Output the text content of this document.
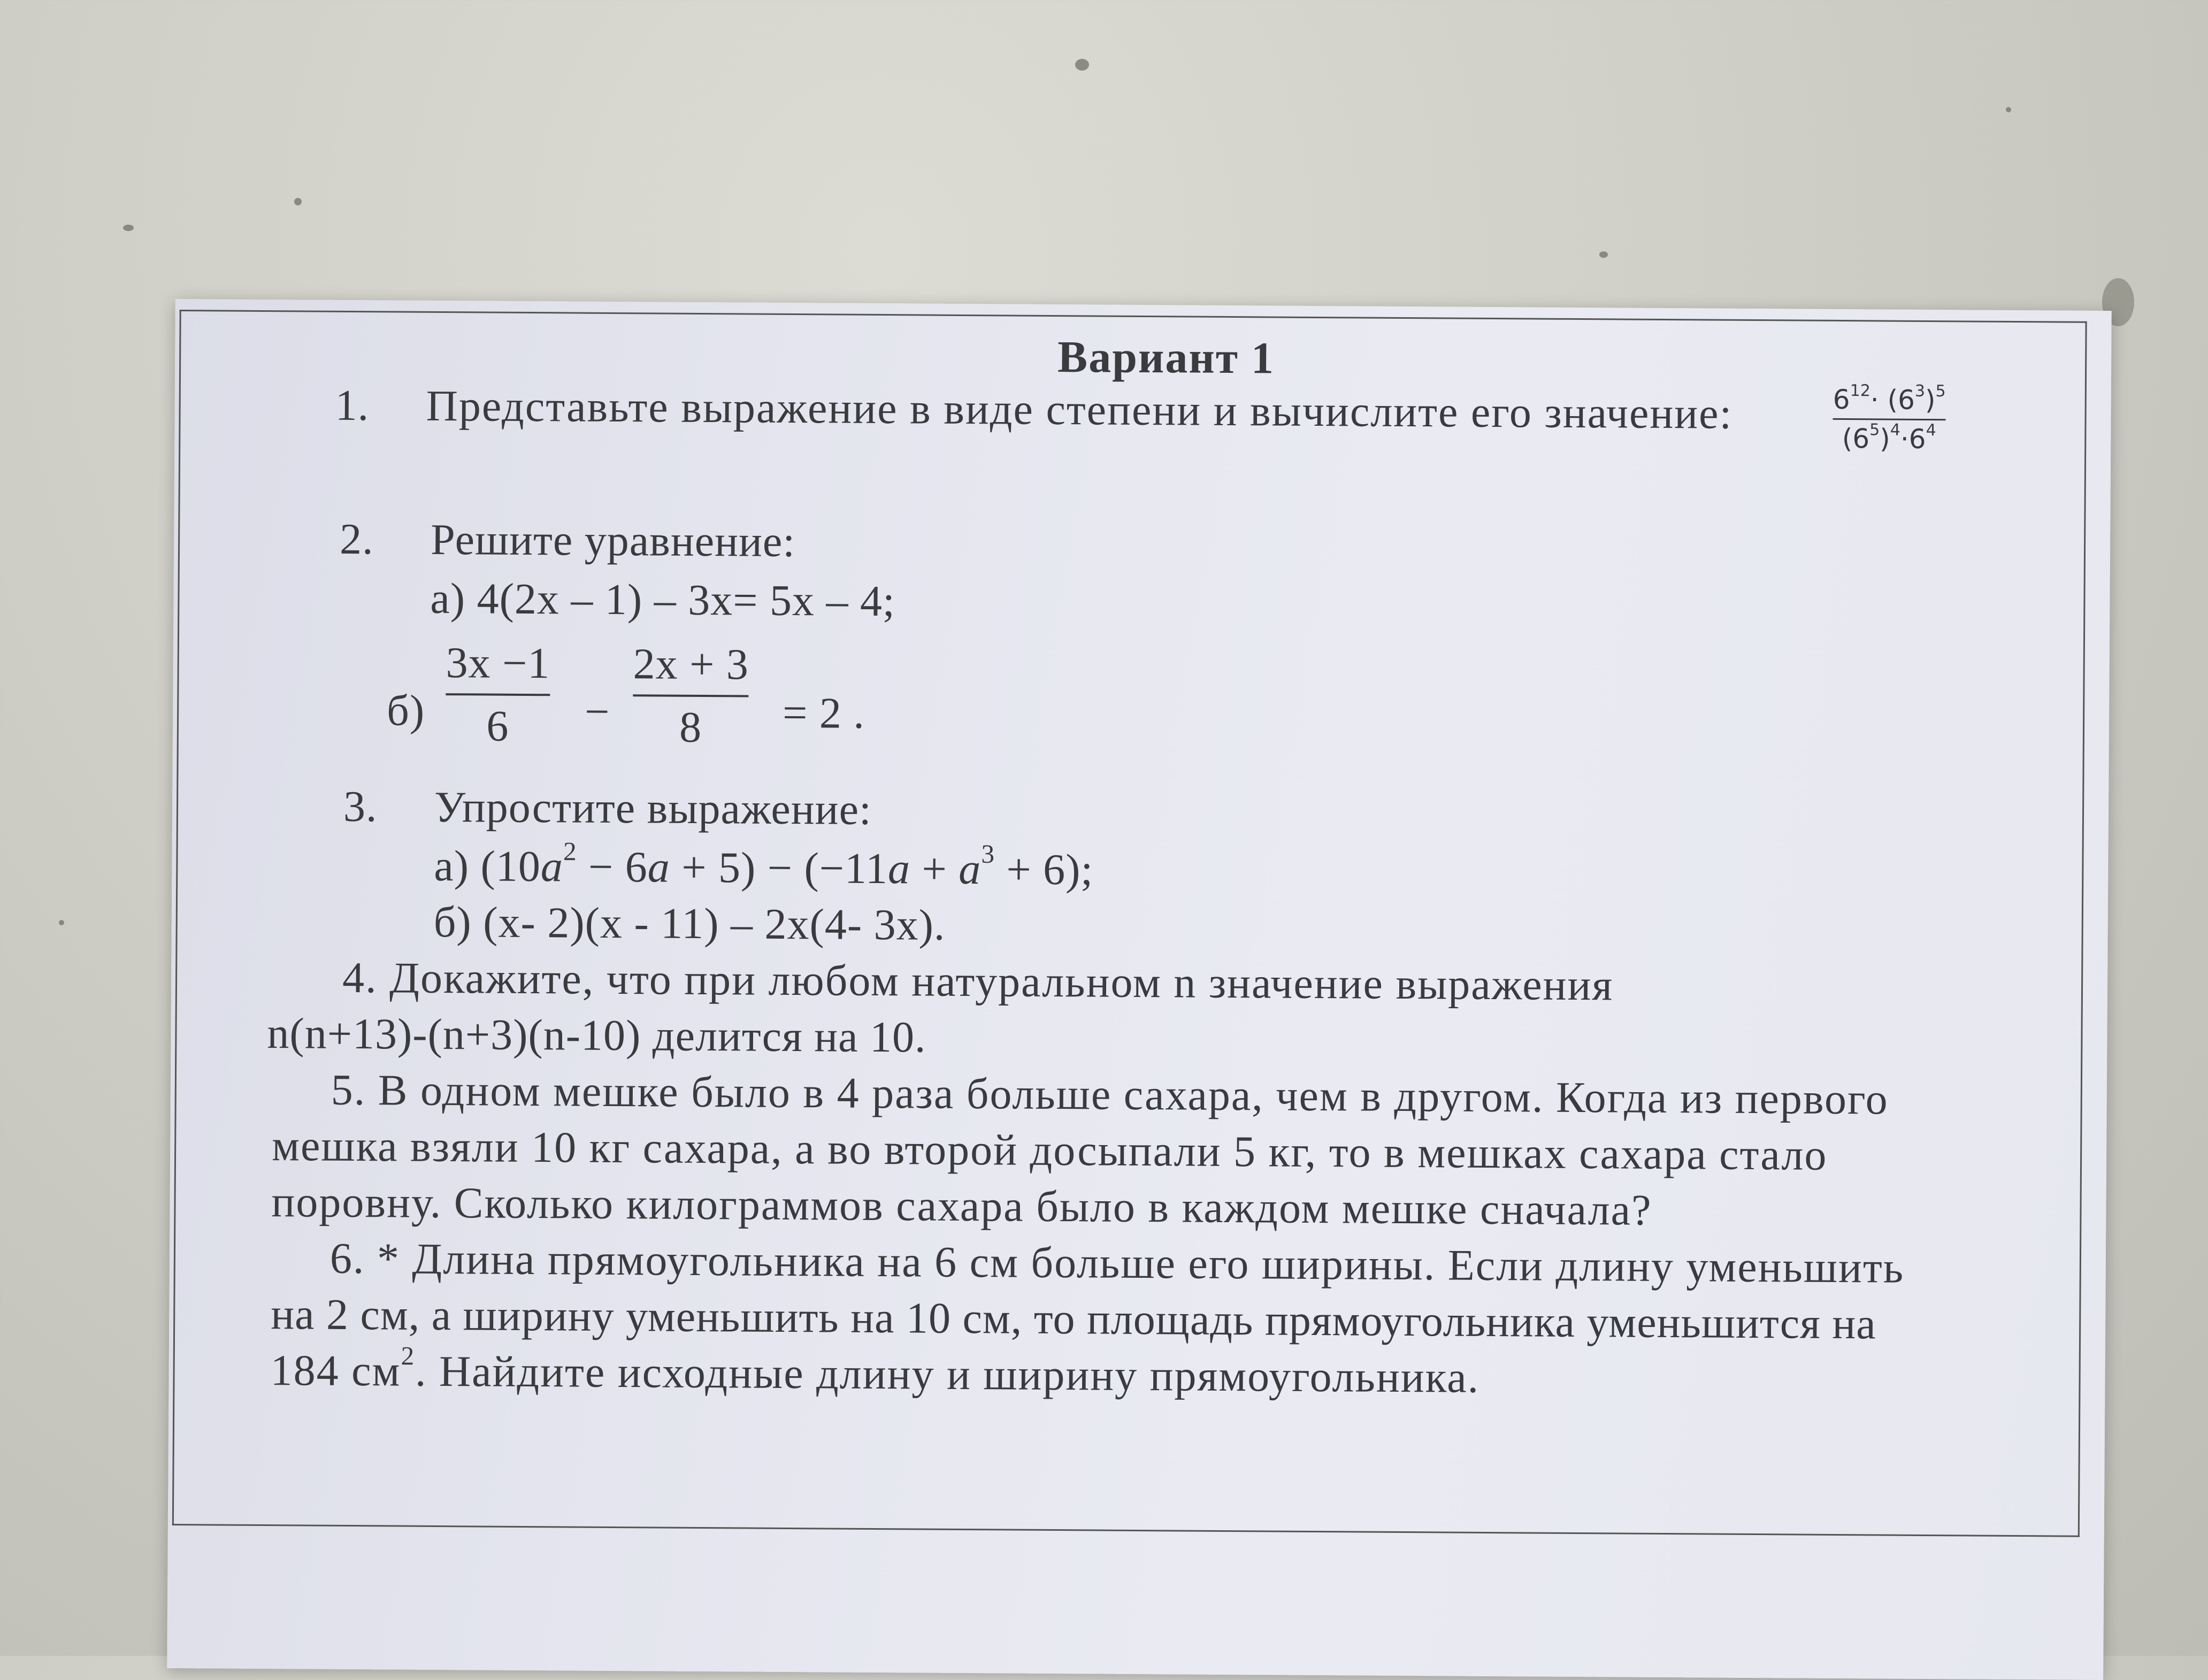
Вариант 1
1. Представьте выражение в виде степени и вычислите его значение:	$6^{12}\cdot (6^3)^5$
$(6^5)^4\cdot 6^4$
2. Решите уравнение:
а) 4(2x – 1) – 3x= 5x – 4;
б)
3x −1
6 −
2x + 3
8 = 2 .
3. Упростите выражение:
а) $(10a^2 - 6a + 5) - (-11a + a^3 + 6)$;
б) (x- 2)(x - 11) – 2x(4- 3x).
4. Докажите, что при любом натуральном n значение выражения
n(n+13)-(n+3)(n-10) делится на 10.
5. В одном мешке было в 4 раза больше сахара, чем в другом. Когда из первого
мешка взяли 10 кг сахара, а во второй досыпали 5 кг, то в мешках сахара стало
поровну. Сколько килограммов сахара было в каждом мешке сначала?
6. * Длина прямоугольника на 6 см больше его ширины. Если длину уменьшить
на 2 см, а ширину уменьшить на 10 см, то площадь прямоугольника уменьшится на
184 $см^2$. Найдите исходные длину и ширину прямоугольника.
